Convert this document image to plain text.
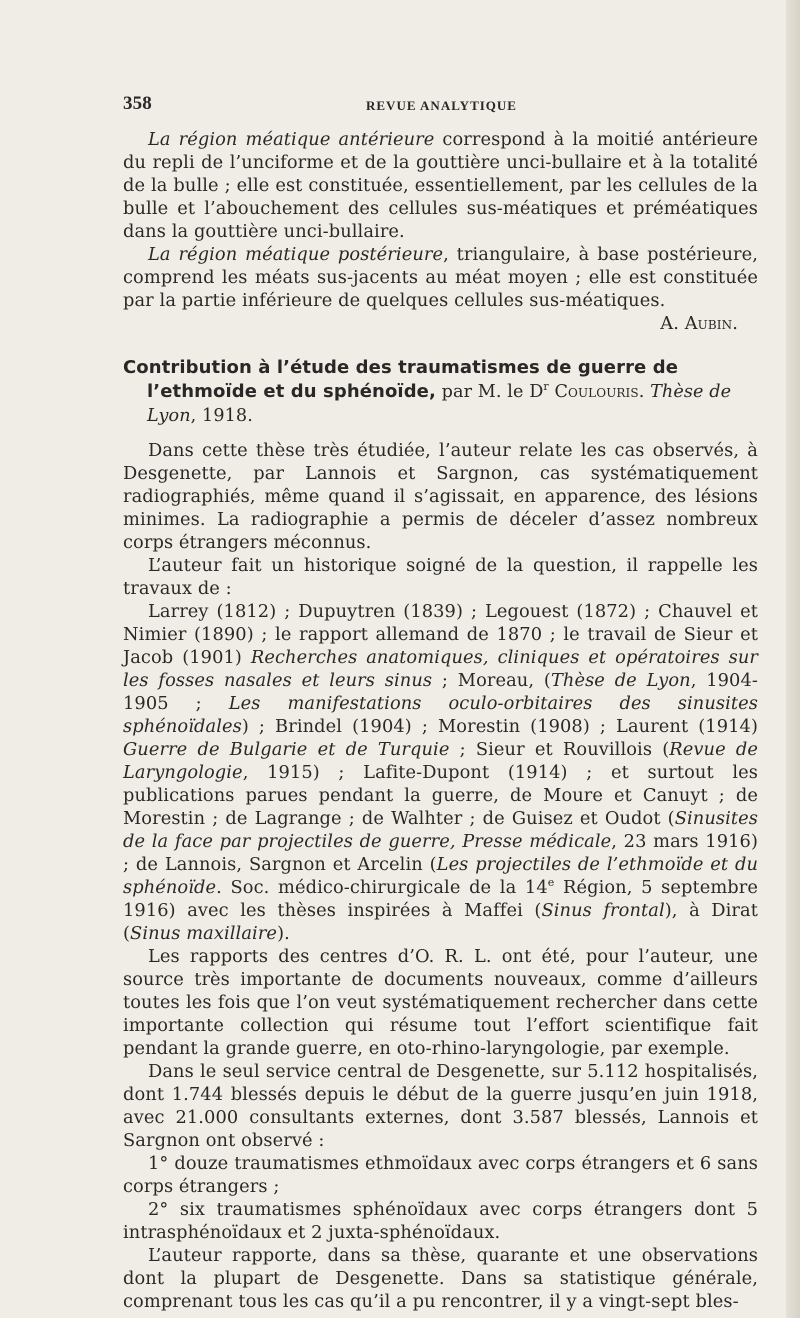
358	REVUE ANALYTIQUE

La région méatique antérieure correspond à la moitié antérieure du repli de l’unciforme et de la gouttière unci-bullaire et à la totalité de la bulle ; elle est constituée, essentiellement, par les cellules de la bulle et l’abouchement des cellules sus-méatiques et préméatiques dans la gouttière unci-bullaire.

La région méatique postérieure, triangulaire, à base postérieure, comprend les méats sus-jacents au méat moyen ; elle est constituée par la partie inférieure de quelques cellules sus-méatiques.

A. Aubin.

Contribution à l’étude des traumatismes de guerre de l’ethmoïde et du sphénoïde, par M. le $D^r$ Coulouris. Thèse de Lyon, 1918.

Dans cette thèse très étudiée, l’auteur relate les cas observés, à Desgenette, par Lannois et Sargnon, cas systématiquement radiographiés, même quand il s’agissait, en apparence, des lésions minimes. La radiographie a permis de déceler d’assez nombreux corps étrangers méconnus.

L’auteur fait un historique soigné de la question, il rappelle les travaux de :

Larrey (1812) ; Dupuytren (1839) ; Legouest (1872) ; Chauvel et Nimier (1890) ; le rapport allemand de 1870 ; le travail de Sieur et Jacob (1901) Recherches anatomiques, cliniques et opératoires sur les fosses nasales et leurs sinus ; Moreau, (Thèse de Lyon, 1904-1905 ; Les manifestations oculo-orbitaires des sinusites sphénoïdales) ; Brindel (1904) ; Morestin (1908) ; Laurent (1914) Guerre de Bulgarie et de Turquie ; Sieur et Rouvillois (Revue de Laryngologie, 1915) ; Lafite-Dupont (1914) ; et surtout les publications parues pendant la guerre, de Moure et Canuyt ; de Morestin ; de Lagrange ; de Walhter ; de Guisez et Oudot (Sinusites de la face par projectiles de guerre, Presse médicale, 23 mars 1916) ; de Lannois, Sargnon et Arcelin (Les projectiles de l’ethmoïde et du sphénoïde. Soc. médico-chirurgicale de la 14e Région, 5 septembre 1916) avec les thèses inspirées à Maffei (Sinus frontal), à Dirat (Sinus maxillaire).

Les rapports des centres d’O. R. L. ont été, pour l’auteur, une source très importante de documents nouveaux, comme d’ailleurs toutes les fois que l’on veut systématiquement rechercher dans cette importante collection qui résume tout l’effort scientifique fait pendant la grande guerre, en oto-rhino-laryngologie, par exemple.

Dans le seul service central de Desgenette, sur 5.112 hospitalisés, dont 1.744 blessés depuis le début de la guerre jusqu’en juin 1918, avec 21.000 consultants externes, dont 3.587 blessés, Lannois et Sargnon ont observé :

1° douze traumatismes ethmoïdaux avec corps étrangers et 6 sans corps étrangers ;

2° six traumatismes sphénoïdaux avec corps étrangers dont 5 intrasphénoïdaux et 2 juxta-sphénoïdaux.

L’auteur rapporte, dans sa thèse, quarante et une observations dont la plupart de Desgenette. Dans sa statistique générale, comprenant tous les cas qu’il a pu rencontrer, il y a vingt-sept bles-
